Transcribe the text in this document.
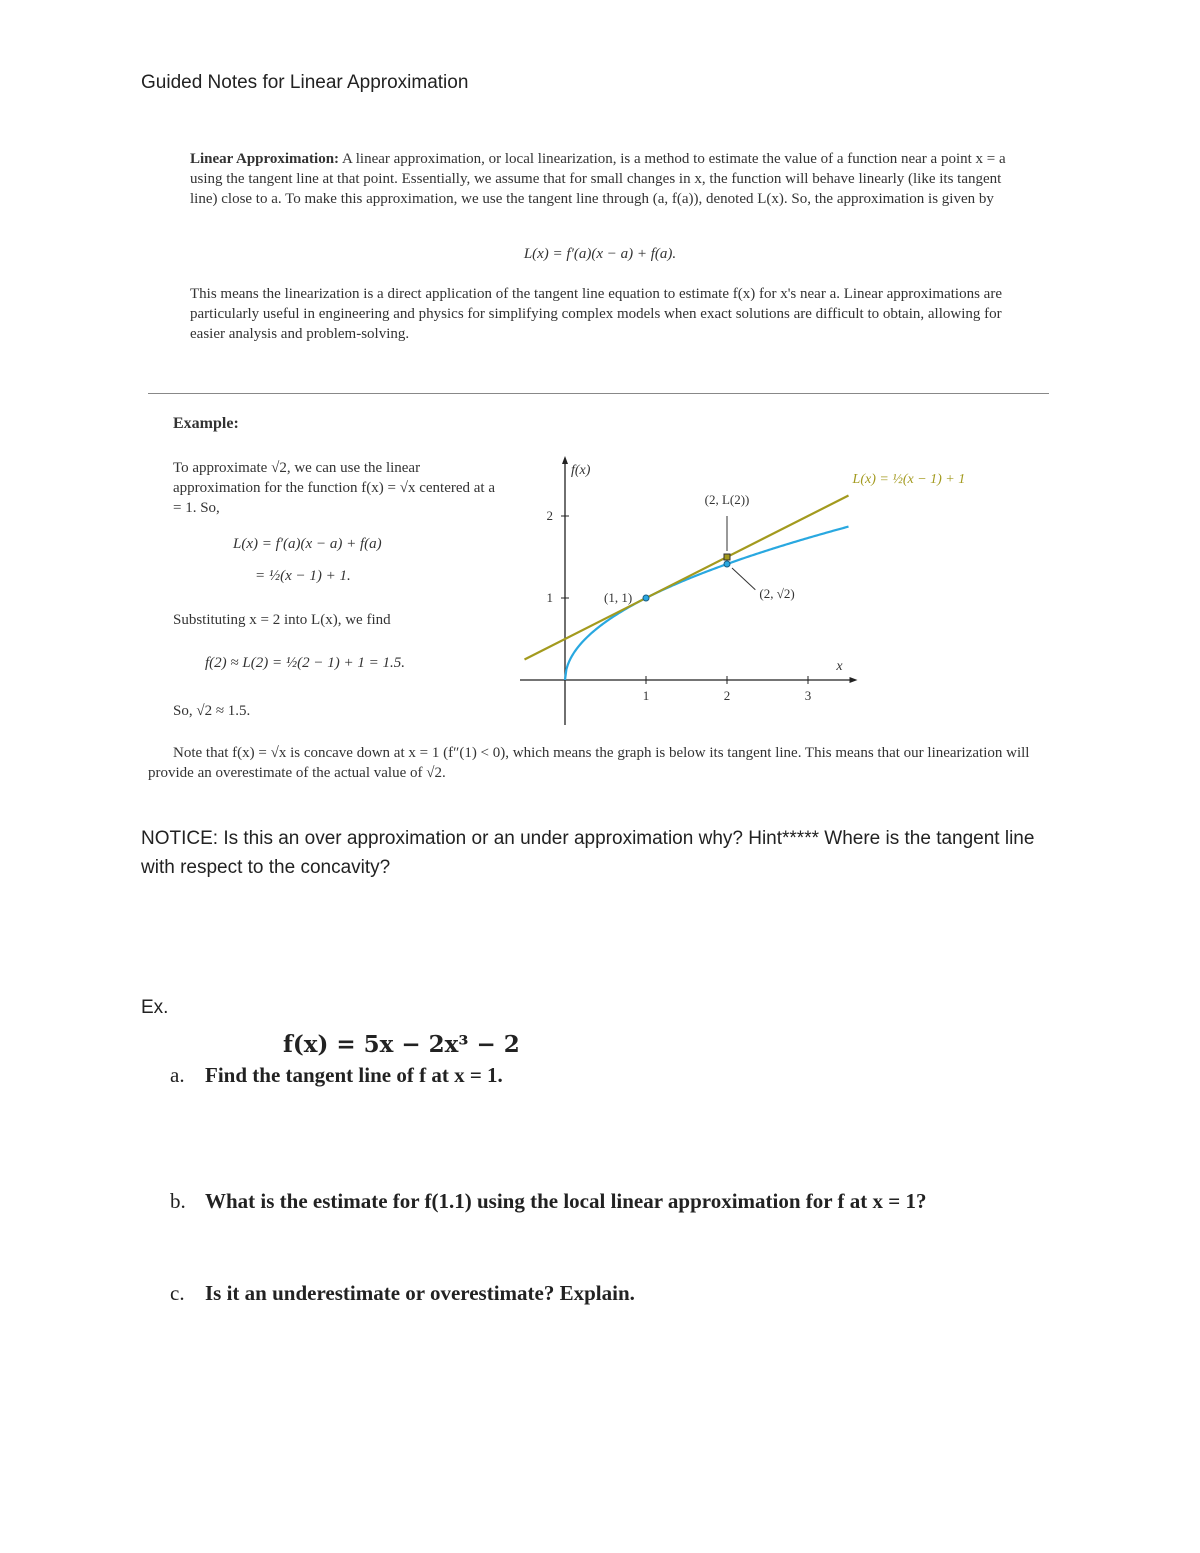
Guided Notes for Linear Approximation
Linear Approximation: A linear approximation, or local linearization, is a method to estimate the value of a function near a point x = a using the tangent line at that point. Essentially, we assume that for small changes in x, the function will behave linearly (like its tangent line) close to a. To make this approximation, we use the tangent line through (a, f(a)), denoted L(x). So, the approximation is given by
L(x) = f′(a)(x − a) + f(a).
This means the linearization is a direct application of the tangent line equation to estimate f(x) for x's near a. Linear approximations are particularly useful in engineering and physics for simplifying complex models when exact solutions are difficult to obtain, allowing for easier analysis and problem-solving.
Example:
To approximate √2, we can use the linear approximation for the function f(x) = √x centered at a = 1. So,
L(x) = f′(a)(x − a) + f(a)
= ½(x − 1) + 1.
Substituting x = 2 into L(x), we find
f(2) ≈ L(2) = ½(2 − 1) + 1 = 1.5.
So, √2 ≈ 1.5.
1	2	3
1
2
x
f(x)
(1, 1)
(2, L(2))
(2, √2)
L(x) = ½(x − 1) + 1
Note that f(x) = √x is concave down at x = 1 (f″(1) < 0), which means the graph is below its tangent line. This means that our linearization will provide an overestimate of the actual value of √2.
NOTICE: Is this an over approximation or an under approximation why? Hint***** Where is the tangent line with respect to the concavity?
Ex.
f(x) = 5x − 2x³ − 2
a. Find the tangent line of f at x = 1.
b. What is the estimate for f(1.1) using the local linear approximation for f at x = 1?
c. Is it an underestimate or overestimate? Explain.
